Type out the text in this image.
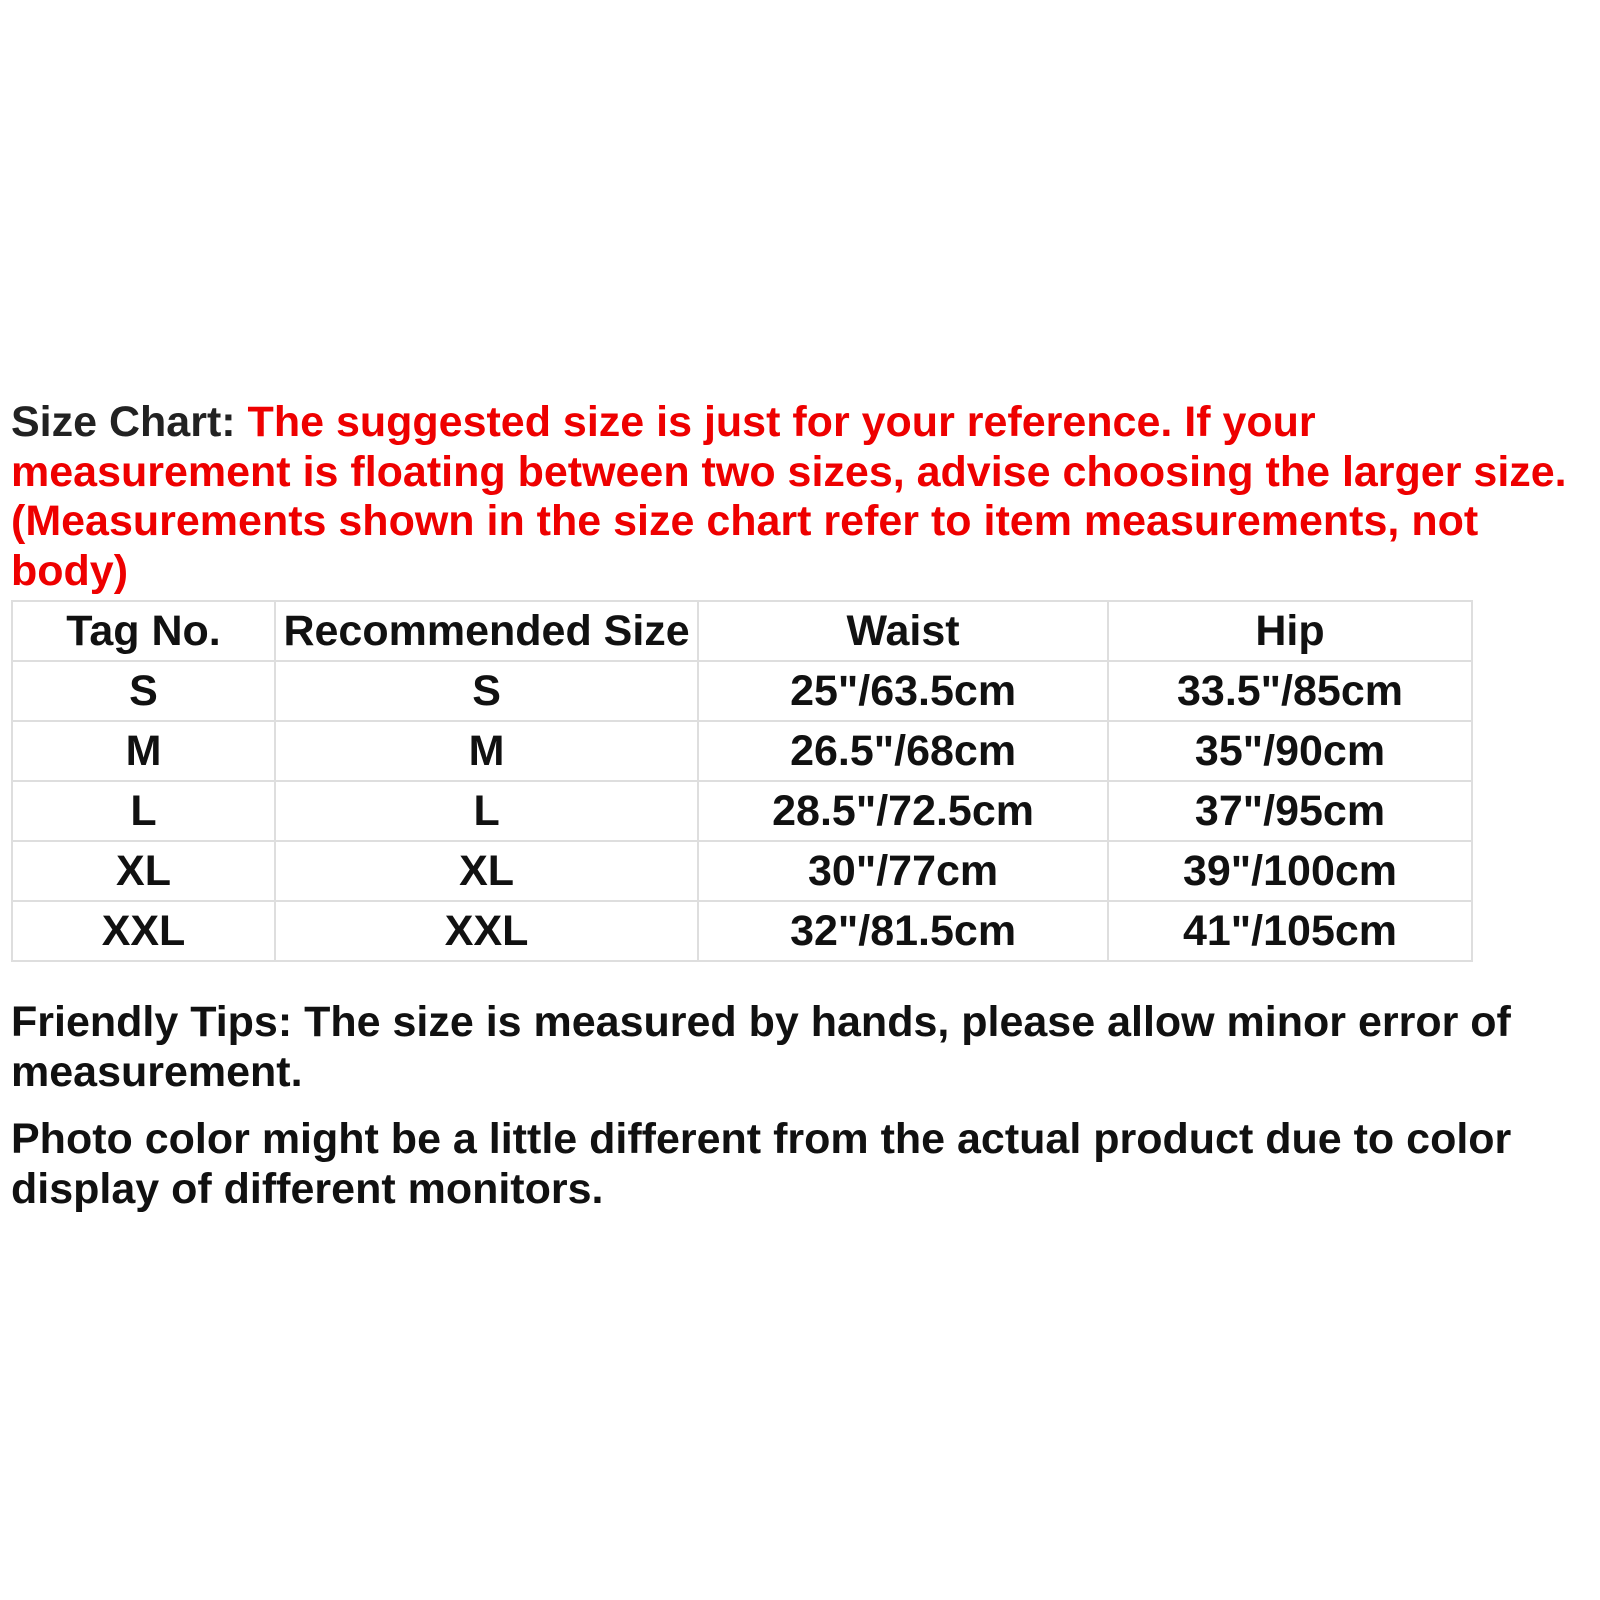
Size Chart: The suggested size is just for your reference. If your
measurement is floating between two sizes, advise choosing the larger size.
(Measurements shown in the size chart refer to item measurements, not
body)

Tag No.	Recommended Size	Waist	Hip
S	S	25"/63.5cm	33.5"/85cm
M	M	26.5"/68cm	35"/90cm
L	L	28.5"/72.5cm	37"/95cm
XL	XL	30"/77cm	39"/100cm
XXL	XXL	32"/81.5cm	41"/105cm

Friendly Tips: The size is measured by hands, please allow minor error of
measurement.

Photo color might be a little different from the actual product due to color
display of different monitors.
